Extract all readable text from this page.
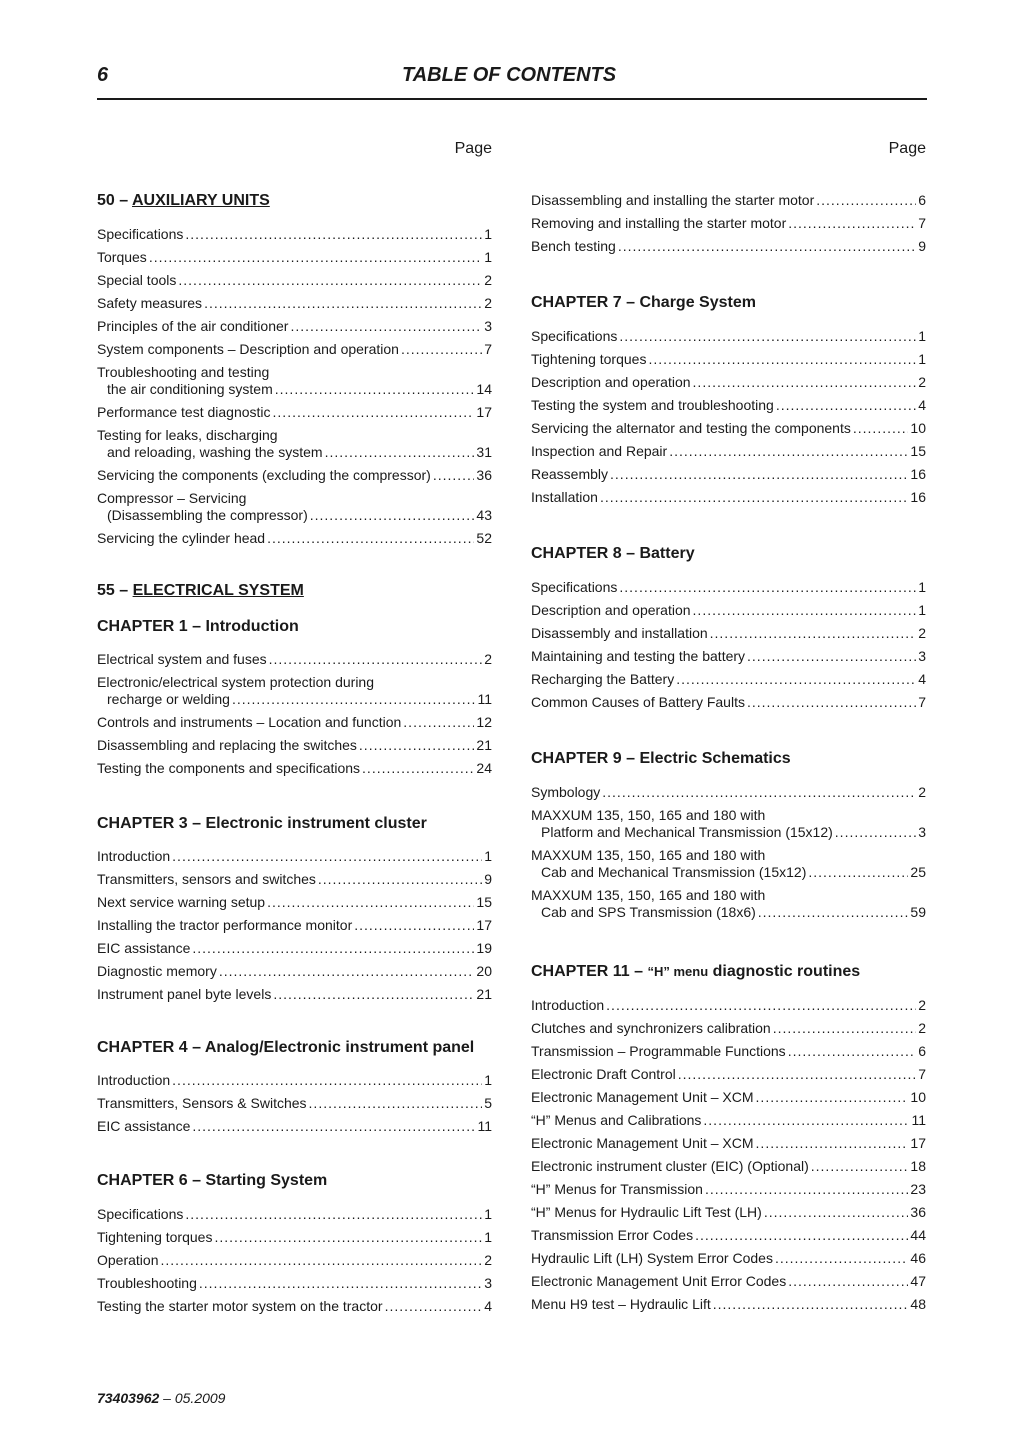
6	TABLE OF CONTENTS
Page
50 – AUXILIARY UNITS
Specifications .....	1
Torques .....	1
Special tools .....	2
Safety measures .....	2
Principles of the air conditioner .....	3
System components – Description and operation .....	7
Troubleshooting and testing
the air conditioning system .....	14
Performance test diagnostic .....	17
Testing for leaks, discharging
and reloading, washing the system .....	31
Servicing the components (excluding the compressor) .....	36
Compressor – Servicing
(Disassembling the compressor) .....	43
Servicing the cylinder head .....	52
55 – ELECTRICAL SYSTEM
CHAPTER 1 – Introduction
Electrical system and fuses .....	2
Electronic/electrical system protection during
recharge or welding .....	11
Controls and instruments – Location and function .....	12
Disassembling and replacing the switches .....	21
Testing the components and specifications .....	24
CHAPTER 3 – Electronic instrument cluster
Introduction .....	1
Transmitters, sensors and switches .....	9
Next service warning setup .....	15
Installing the tractor performance monitor .....	17
EIC assistance .....	19
Diagnostic memory .....	20
Instrument panel byte levels .....	21
CHAPTER 4 – Analog/Electronic instrument panel
Introduction .....	1
Transmitters, Sensors & Switches .....	5
EIC assistance .....	11
CHAPTER 6 – Starting System
Specifications .....	1
Tightening torques .....	1
Operation .....	2
Troubleshooting .....	3
Testing the starter motor system on the tractor .....	4
Page
Disassembling and installing the starter motor .....	6
Removing and installing the starter motor .....	7
Bench testing .....	9
CHAPTER 7 – Charge System
Specifications .....	1
Tightening torques .....	1
Description and operation .....	2
Testing the system and troubleshooting .....	4
Servicing the alternator and testing the components .....	10
Inspection and Repair .....	15
Reassembly .....	16
Installation .....	16
CHAPTER 8 – Battery
Specifications .....	1
Description and operation .....	1
Disassembly and installation .....	2
Maintaining and testing the battery .....	3
Recharging the Battery .....	4
Common Causes of Battery Faults .....	7
CHAPTER 9 – Electric Schematics
Symbology .....	2
MAXXUM 135, 150, 165 and 180 with
Platform and Mechanical Transmission (15x12) .....	3
MAXXUM 135, 150, 165 and 180 with
Cab and Mechanical Transmission (15x12) .....	25
MAXXUM 135, 150, 165 and 180 with
Cab and SPS Transmission (18x6) .....	59
CHAPTER 11 – “H” menu diagnostic routines
Introduction .....	2
Clutches and synchronizers calibration .....	2
Transmission – Programmable Functions .....	6
Electronic Draft Control .....	7
Electronic Management Unit – XCM .....	10
“H” Menus and Calibrations .....	11
Electronic Management Unit – XCM .....	17
Electronic instrument cluster (EIC) (Optional) .....	18
“H” Menus for Transmission .....	23
“H” Menus for Hydraulic Lift Test (LH) .....	36
Transmission Error Codes .....	44
Hydraulic Lift (LH) System Error Codes .....	46
Electronic Management Unit Error Codes .....	47
Menu H9 test – Hydraulic Lift .....	48
73403962 – 05.2009
